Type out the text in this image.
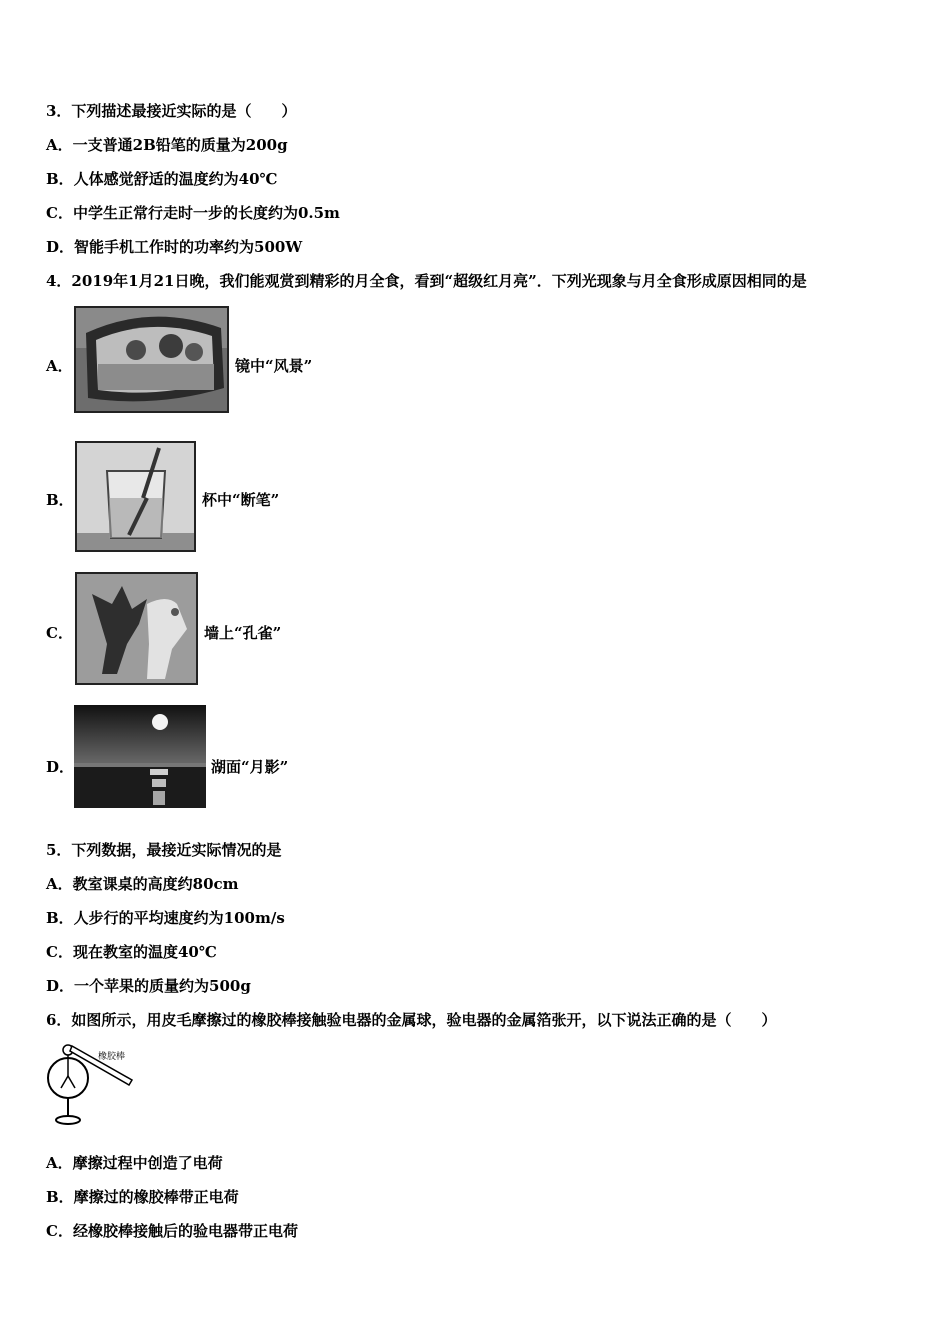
3．下列描述最接近实际的是（　　）
A．一支普通2B铅笔的质量为200g
B．人体感觉舒适的温度约为40℃
C．中学生正常行走时一步的长度约为0.5m
D．智能手机工作时的功率约为500W
4．2019年1月21日晚，我们能观赏到精彩的月全食，看到“超级红月亮”．下列光现象与月全食形成原因相同的是
A．	镜中“风景”
B．	杯中“断笔”
C．	墙上“孔雀”
D．	湖面“月影”
5．下列数据，最接近实际情况的是
A．教室课桌的高度约80cm
B．人步行的平均速度约为100m/s
C．现在教室的温度40℃
D．一个苹果的质量约为500g
6．如图所示，用皮毛摩擦过的橡胶棒接触验电器的金属球，验电器的金属箔张开，以下说法正确的是（　　）
橡胶棒
A．摩擦过程中创造了电荷
B．摩擦过的橡胶棒带正电荷
C．经橡胶棒接触后的验电器带正电荷
